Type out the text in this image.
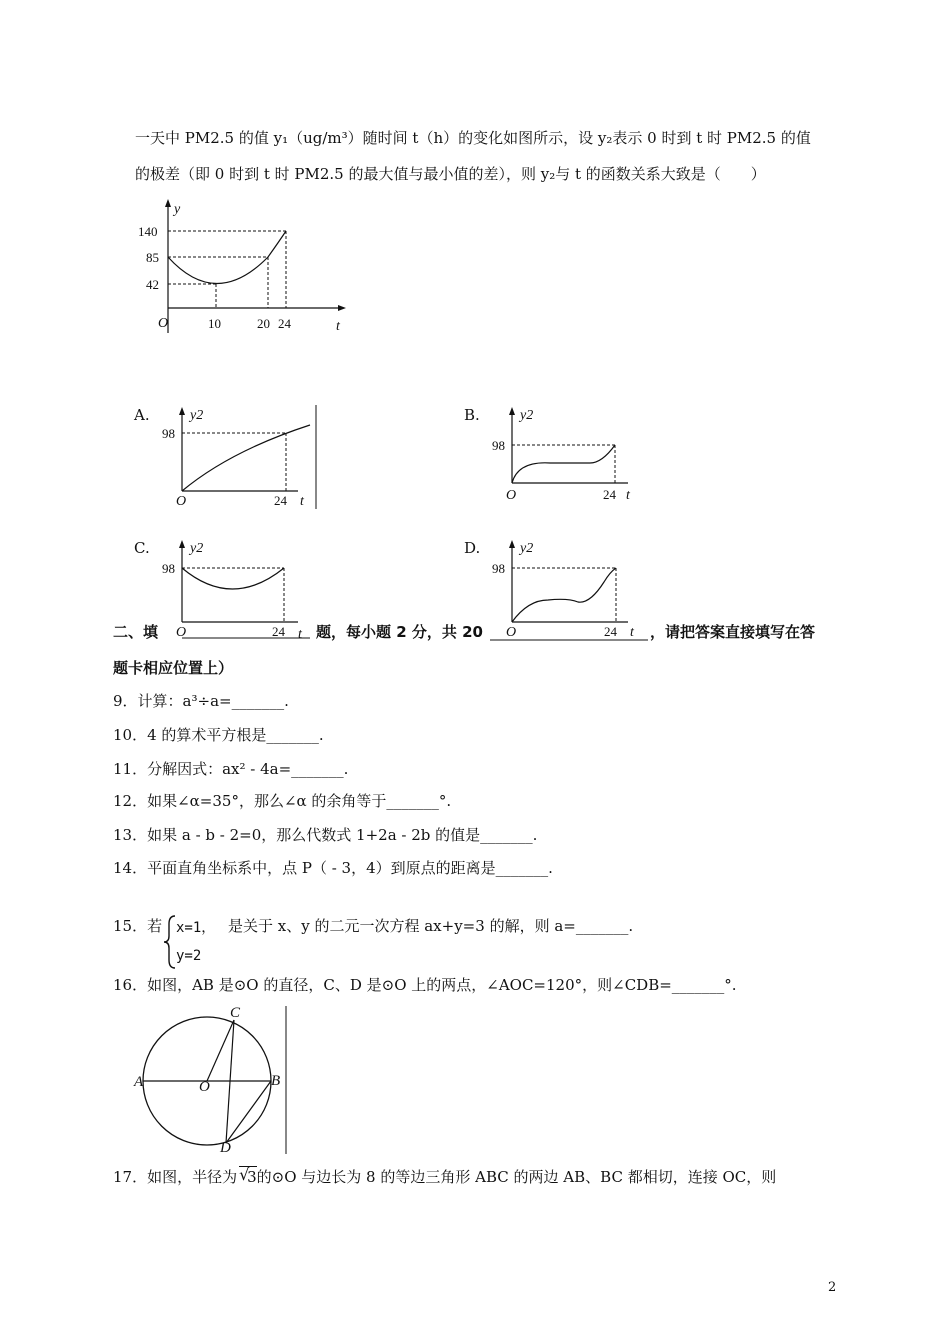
一天中 PM2.5 的值 y₁（ug/m³）随时间 t（h）的变化如图所示，设 y₂表示 0 时到 t 时 PM2.5 的值
的极差（即 0 时到 t 时 PM2.5 的最大值与最小值的差），则 y₂与 t 的函数关系大致是（　　）
y
t
O
140
85
42
10	20 24
A.	y2
t
O
98
24
B.	y2
t
O
98
24
C.	y2
t
O
98
24
D.	y2
t
O
98
24
二、填	题，每小题 2 分，共 20	，请把答案直接填写在答
题卡相应位置上）
9．计算：a³÷a=_______.
10．4 的算术平方根是_______.
11．分解因式：ax² - 4a=_______.
12．如果∠α=35°，那么∠α 的余角等于_______°.
13．如果 a - b - 2=0，那么代数式 1+2a - 2b 的值是_______.
14．平面直角坐标系中，点 P（ - 3，4）到原点的距离是_______.
15．若 x=1，
y=2
是关于 x、y 的二元一次方程 ax+y=3 的解，则 a=_______.
16．如图，AB 是⊙O 的直径，C、D 是⊙O 上的两点，∠AOC=120°，则∠CDB=_______°.
C
A	O	B
D
17．如图，半径为 √
3的⊙O 与边长为 8 的等边三角形 ABC 的两边 AB、BC 都相切，连接 OC，则
2
